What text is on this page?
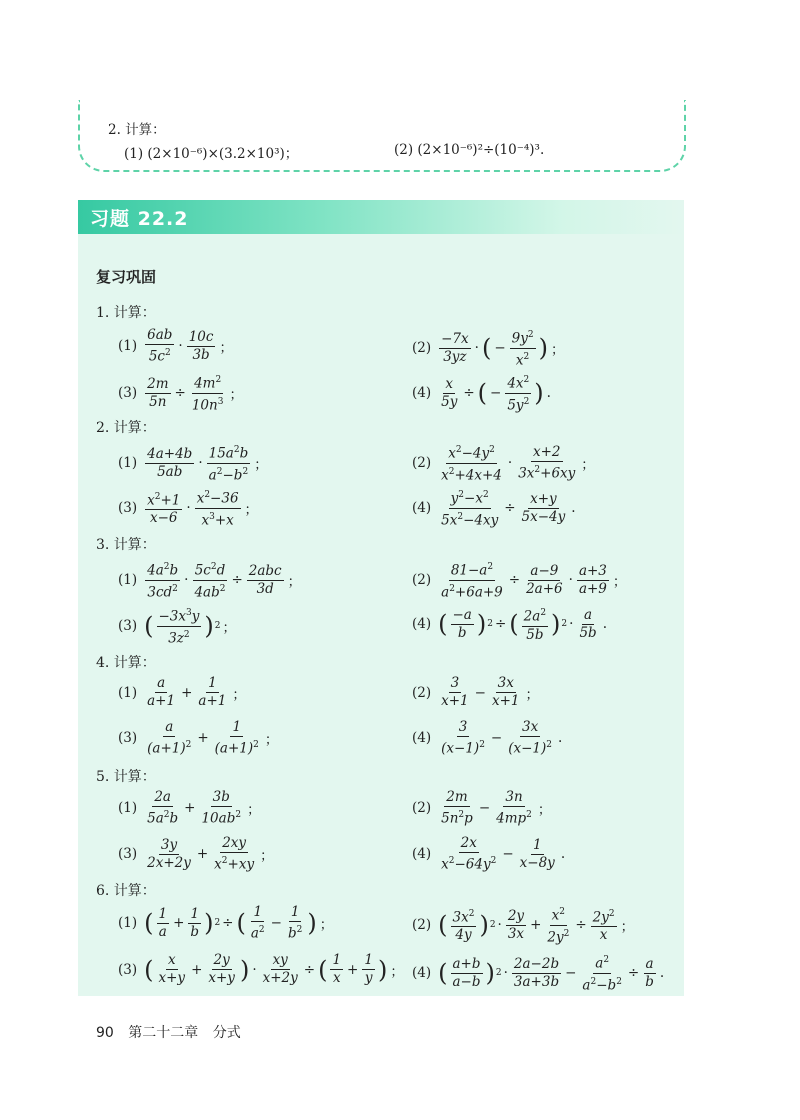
2. 计算：
(1) (2×10⁻⁶)×(3.2×10³)；	(2) (2×10⁻⁶)²÷(10⁻⁴)³.
习题 22.2
复习巩固
1. 计算：
$(1) \frac{6ab}{5c^2} \cdot \frac{10c}{3b}$ ；	$(2) \frac{-7x}{3yz}$ · ( − $\frac{9y^2}{x^2}$ ) ；
$(3) \frac{2m}{5n} \div \frac{4m^2}{10n^3}$ ；	$(4) \frac{x}{5y}$ ÷ ( − $\frac{4x^2}{5y^2}$ ) .
2. 计算：
$(1) \frac{4a+4b}{5ab} \cdot \frac{15a^2b}{a^2-b^2}$ ；	$(2) \frac{x^2-4y^2}{x^2+4x+4} \cdot \frac{x+2}{3x^2+6xy}$ ；
$(3) \frac{x^2+1}{x-6} \cdot \frac{x^2-36}{x^3+x}$ ；	$(4) \frac{y^2-x^2}{5x^2-4xy} \div \frac{x+y}{5x-4y}$ .
3. 计算：
$(1) \frac{4a^2b}{3cd^2} \cdot \frac{5c^2d}{4ab^2} \div \frac{\text{2abc}}{3d}$ ；	$(2) \frac{81-a^2}{a^2+6a+9} \div \frac{a-9}{2a+6} \cdot \frac{a+3}{a+9}$ ；
(3) ( $\frac{-3x^3y}{3z^2}$ ) 2 ；	(4) ( $\frac{-a}{b}$ ) 2 ÷ ( $\frac{2a^2}{5b}$ ) $2 \cdot \frac{a}{5b}$ .
4. 计算：
$(1) \frac{a}{a+1} + \frac{1}{a+1}$ ；	$(2) \frac{3}{x+1} - \frac{3x}{x+1}$ ；
$(3) \frac{a}{(a+1)^2} + \frac{1}{(a+1)^2}$ ；	$(4) \frac{3}{(x-1)^2} - \frac{3x}{(x-1)^2}$ .
5. 计算：
$(1) \frac{2a}{5a^2b} + \frac{3b}{10ab^2}$ ；	$(2) \frac{2m}{5n^2p} - \frac{3n}{4mp^2}$ ；
$(3) \frac{3y}{2x+2y} + \frac{2xy}{x^2+xy}$ ；	$(4) \frac{2x}{x^2-64y^2} - \frac{1}{x-8y}$ .
6. 计算：
(1) ( $\frac{1}{a} + \frac{1}{b}$ ) 2 ÷ ( $\frac{1}{a^2} - \frac{1}{b^2}$ ) ；	(2) ( $\frac{3x^2}{4y}$ ) $2 \cdot \frac{2y}{3x} + \frac{x^2}{2y^2} \div \frac{2y^2}{x}$ ；
(3) ( $\frac{x}{x+y} + \frac{2y}{x+y}$ ) · $\frac{xy}{x+2y}$ ÷ ( $\frac{1}{x} + \frac{1}{y}$ ) ； (4) ( $\frac{a+b}{a-b}$ ) $2 \cdot \frac{2a-2b}{3a+3b} - \frac{a^2}{a^2-b^2} \div \frac{a}{b}$ .
90 第二十二章 分式
